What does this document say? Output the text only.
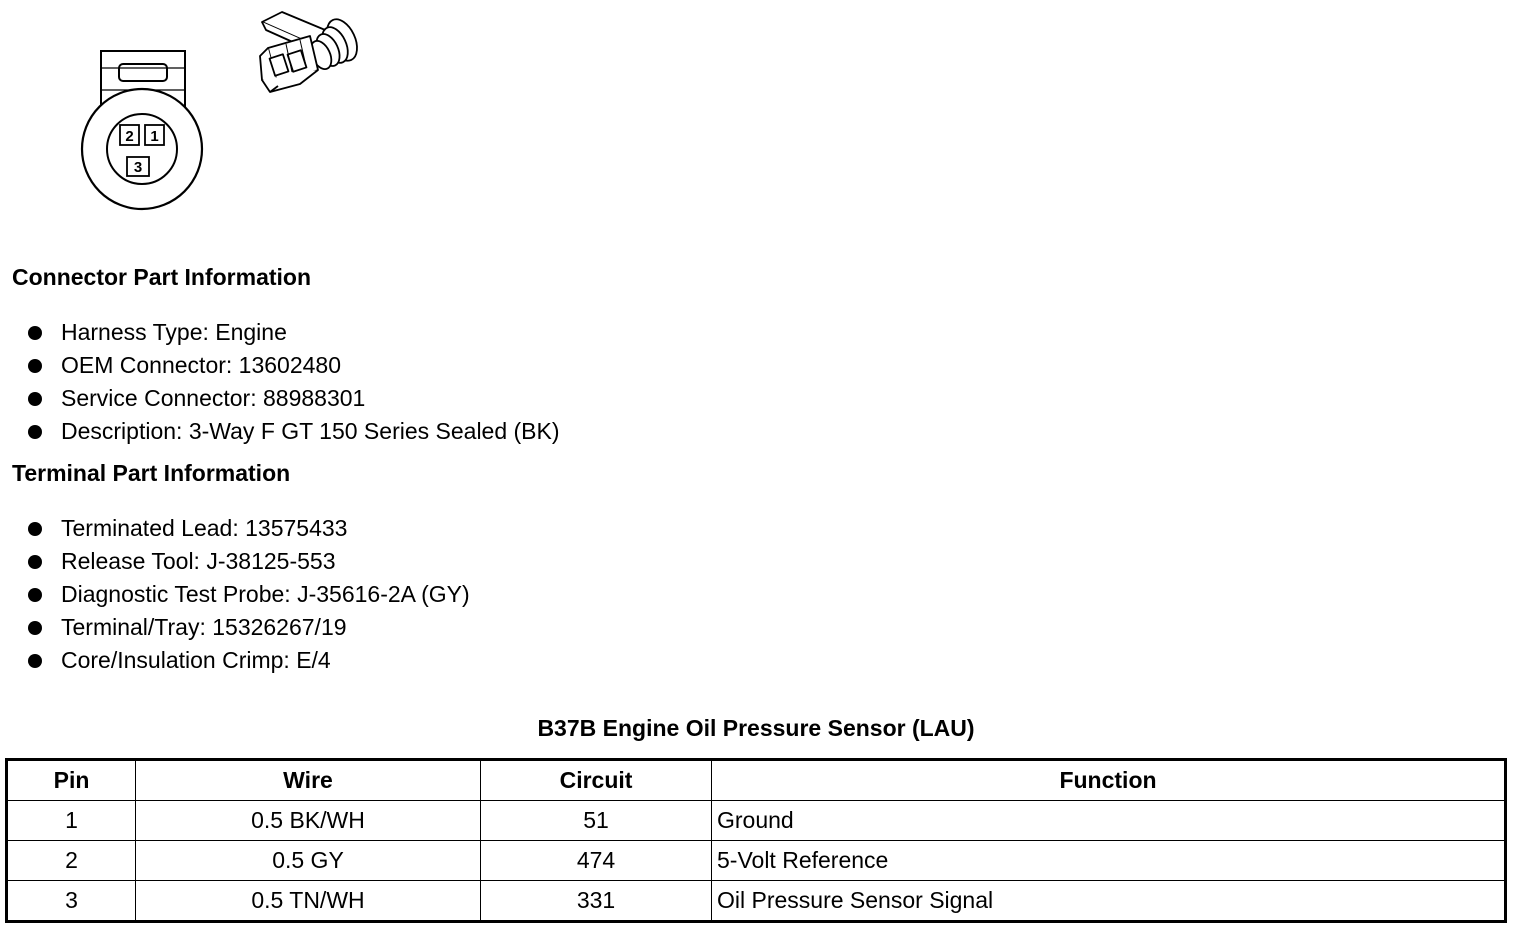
2 1
3
Connector Part Information
Harness Type: Engine
OEM Connector: 13602480
Service Connector: 88988301
Description: 3-Way F GT 150 Series Sealed (BK)
Terminal Part Information
Terminated Lead: 13575433
Release Tool: J-38125-553
Diagnostic Test Probe: J-35616-2A (GY)
Terminal/Tray: 15326267/19
Core/Insulation Crimp: E/4
B37B Engine Oil Pressure Sensor (LAU)
Pin	Wire	Circuit	Function
1	0.5 BK/WH	51	Ground
2	0.5 GY	474	5-Volt Reference
3	0.5 TN/WH	331	Oil Pressure Sensor Signal
